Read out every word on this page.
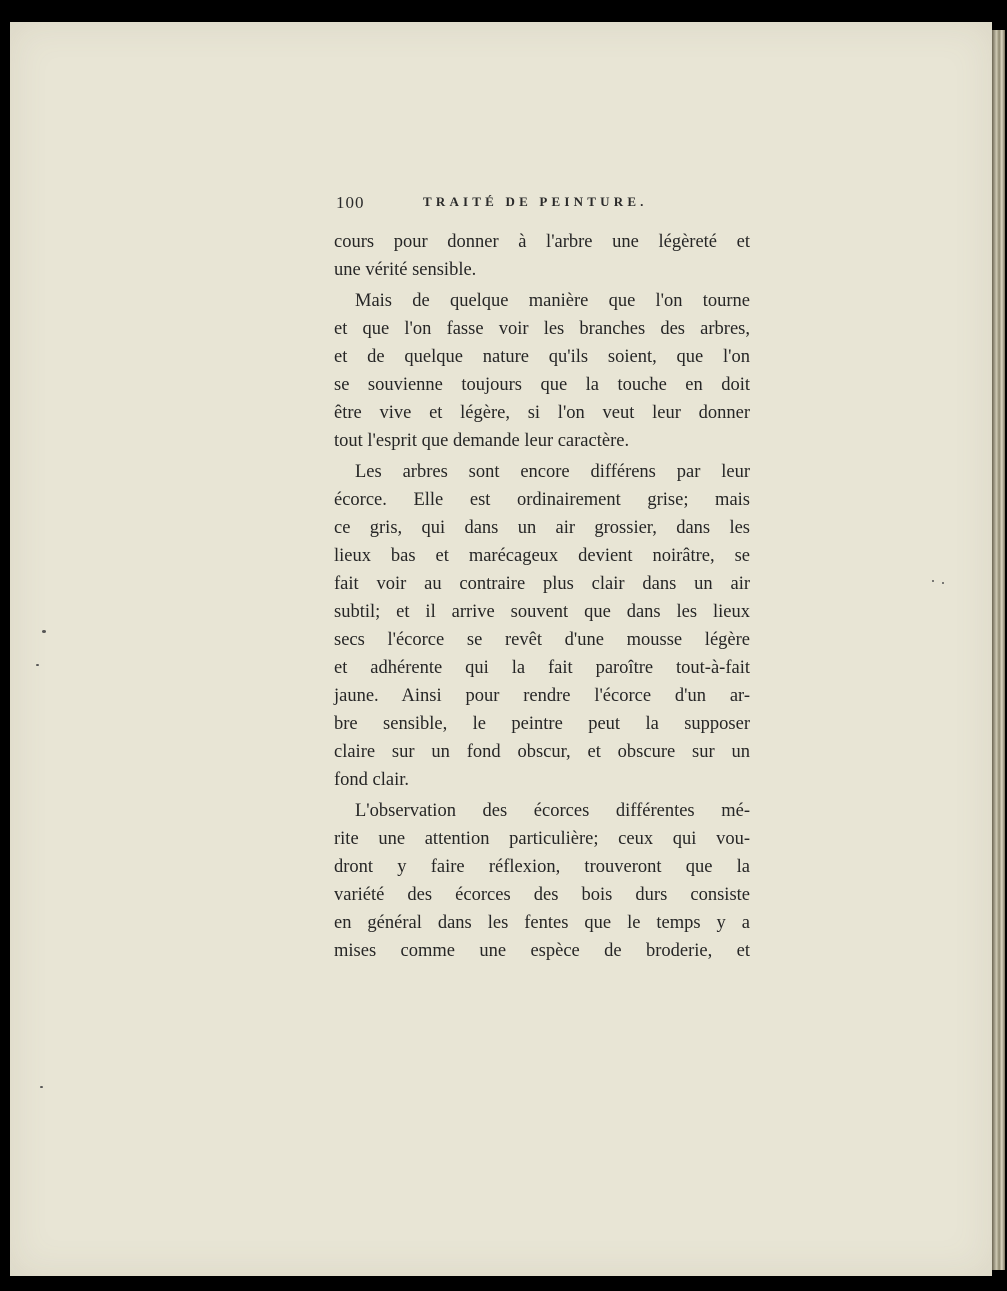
100	TRAITÉ DE PEINTURE.
cours pour donner à l'arbre une légèreté et
une vérité sensible.
Mais de quelque manière que l'on tourne
et que l'on fasse voir les branches des arbres,
et de quelque nature qu'ils soient, que l'on
se souvienne toujours que la touche en doit
être vive et légère, si l'on veut leur donner
tout l'esprit que demande leur caractère.
Les arbres sont encore différens par leur
écorce. Elle est ordinairement grise; mais
ce gris, qui dans un air grossier, dans les
lieux bas et marécageux devient noirâtre, se
fait voir au contraire plus clair dans un air
subtil; et il arrive souvent que dans les lieux
secs l'écorce se revêt d'une mousse légère
et adhérente qui la fait paroître tout-à-fait
jaune. Ainsi pour rendre l'écorce d'un ar-
bre sensible, le peintre peut la supposer
claire sur un fond obscur, et obscure sur un
fond clair.
L'observation des écorces différentes mé-
rite une attention particulière; ceux qui vou-
dront y faire réflexion, trouveront que la
variété des écorces des bois durs consiste
en général dans les fentes que le temps y a
mises comme une espèce de broderie, et
